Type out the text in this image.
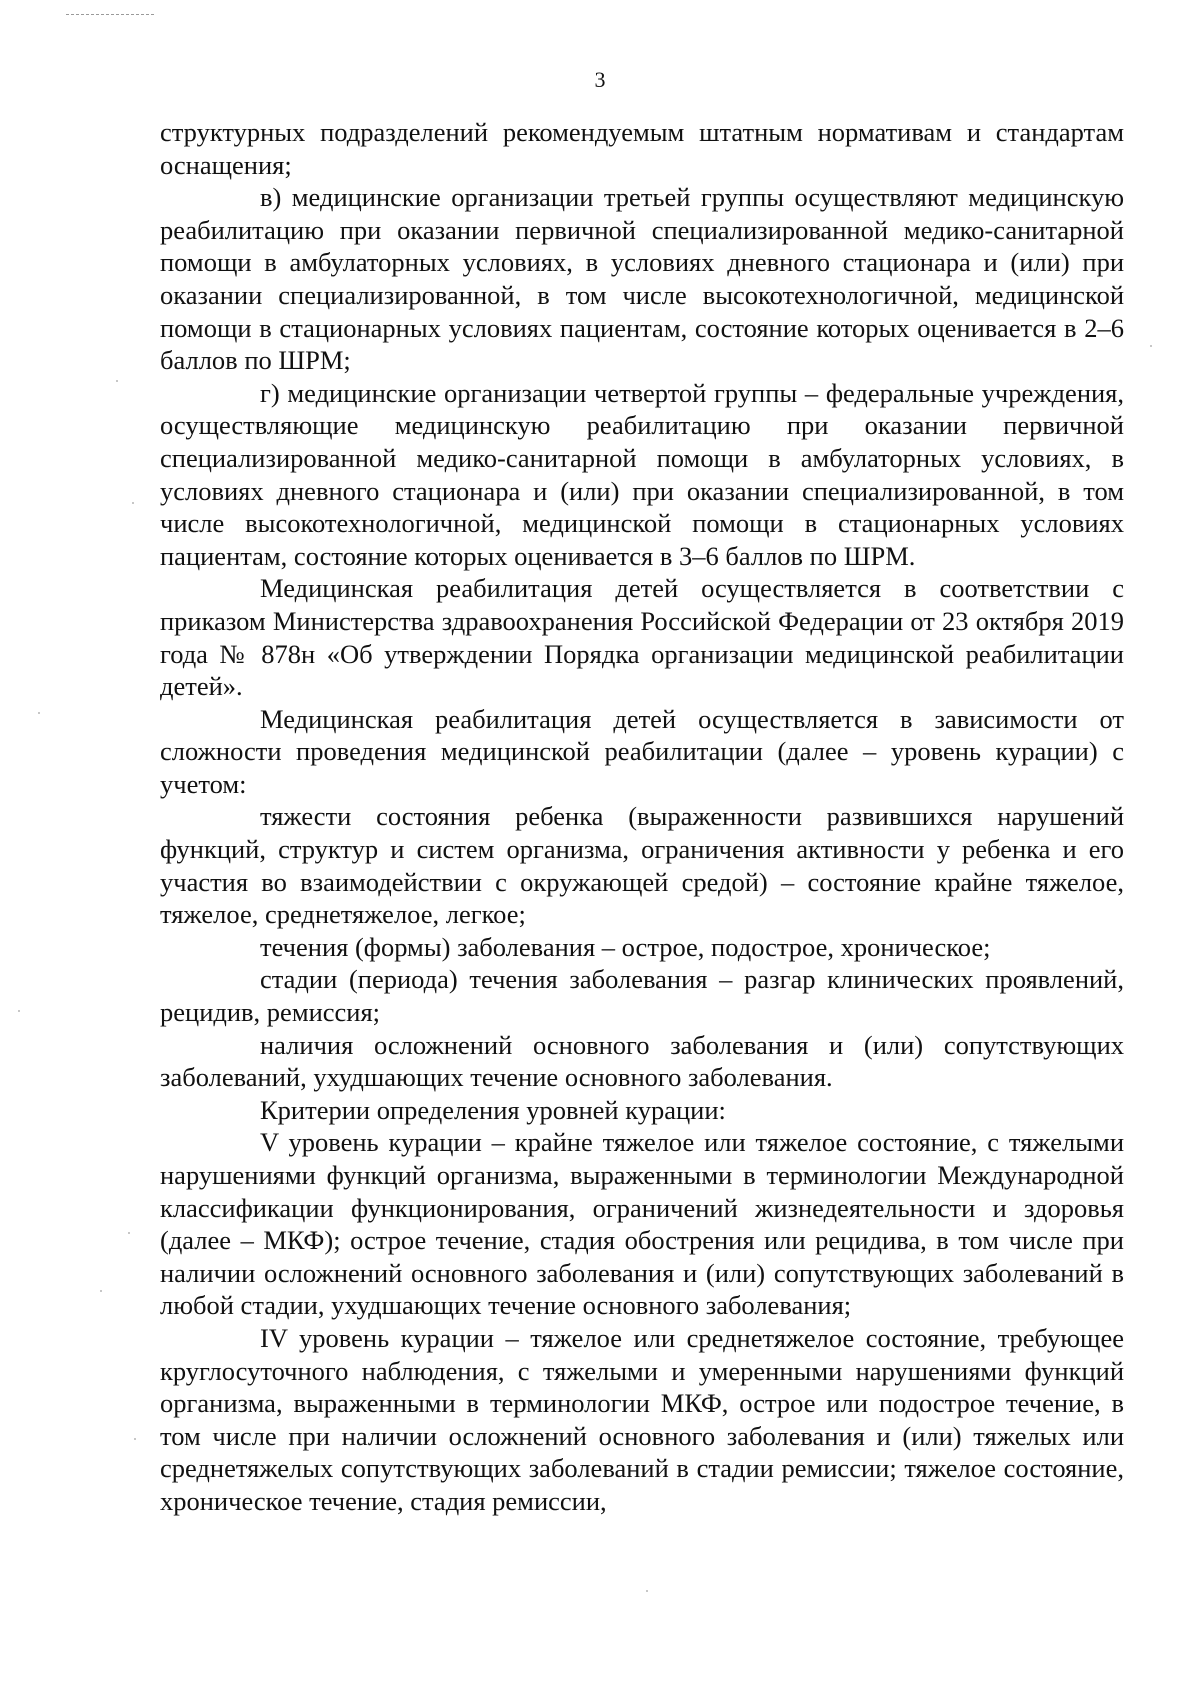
3

структурных подразделений рекомендуемым штатным нормативам и стандартам оснащения;

в) медицинские организации третьей группы осуществляют медицинскую реабилитацию при оказании первичной специализированной медико-санитарной помощи в амбулаторных условиях, в условиях дневного стационара и (или) при оказании специализированной, в том числе высокотехнологичной, медицинской помощи в стационарных условиях пациентам, состояние которых оценивается в 2–6 баллов по ШРМ;

г) медицинские организации четвертой группы – федеральные учреждения, осуществляющие медицинскую реабилитацию при оказании первичной специализированной медико-санитарной помощи в амбулаторных условиях, в условиях дневного стационара и (или) при оказании специализированной, в том числе высокотехнологичной, медицинской помощи в стационарных условиях пациентам, состояние которых оценивается в 3–6 баллов по ШРМ.

Медицинская реабилитация детей осуществляется в соответствии с приказом Министерства здравоохранения Российской Федерации от 23 октября 2019 года № 878н «Об утверждении Порядка организации медицинской реабилитации детей».

Медицинская реабилитация детей осуществляется в зависимости от сложности проведения медицинской реабилитации (далее – уровень курации) с учетом:

тяжести состояния ребенка (выраженности развившихся нарушений функций, структур и систем организма, ограничения активности у ребенка и его участия во взаимодействии с окружающей средой) – состояние крайне тяжелое, тяжелое, среднетяжелое, легкое;

течения (формы) заболевания – острое, подострое, хроническое;

стадии (периода) течения заболевания – разгар клинических проявлений, рецидив, ремиссия;

наличия осложнений основного заболевания и (или) сопутствующих заболеваний, ухудшающих течение основного заболевания.

Критерии определения уровней курации:

V уровень курации – крайне тяжелое или тяжелое состояние, с тяжелыми нарушениями функций организма, выраженными в терминологии Международной классификации функционирования, ограничений жизнедеятельности и здоровья (далее – МКФ); острое течение, стадия обострения или рецидива, в том числе при наличии осложнений основного заболевания и (или) сопутствующих заболеваний в любой стадии, ухудшающих течение основного заболевания;

IV уровень курации – тяжелое или среднетяжелое состояние, требующее круглосуточного наблюдения, с тяжелыми и умеренными нарушениями функций организма, выраженными в терминологии МКФ, острое или подострое течение, в том числе при наличии осложнений основного заболевания и (или) тяжелых или среднетяжелых сопутствующих заболеваний в стадии ремиссии; тяжелое состояние, хроническое течение, стадия ремиссии,
